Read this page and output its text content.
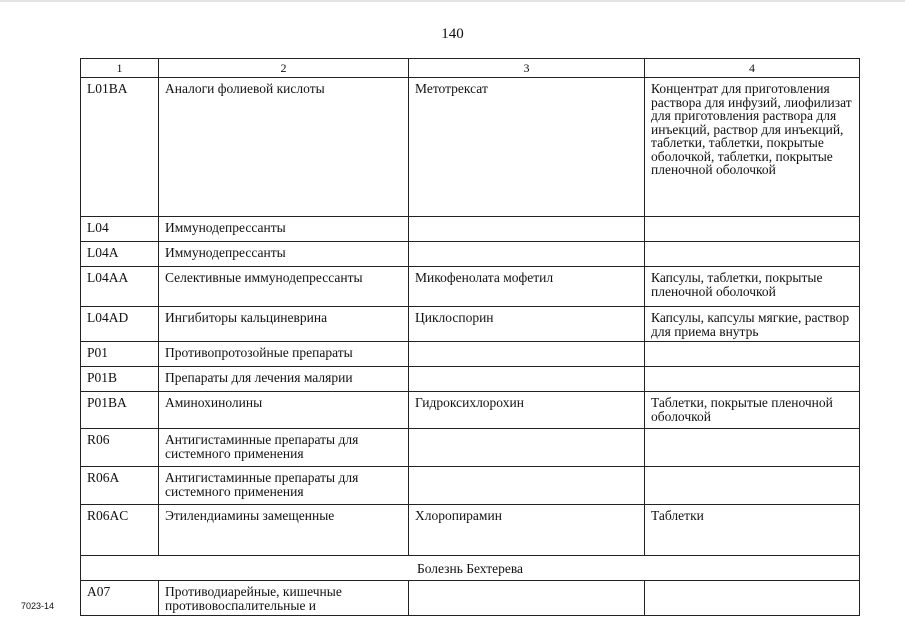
140
1	2	3	4
L01BA	Аналоги фолиевой кислоты	Метотрексат	Концентрат для приготовления раствора для инфузий, лиофилизат для приготовления раствора для инъекций, раствор для инъекций, таблетки, таблетки, покрытые оболочкой, таблетки, покрытые пленочной оболочкой
L04	Иммунодепрессанты		
L04A	Иммунодепрессанты		
L04AA	Селективные иммунодепрессанты	Микофенолата мофетил	Капсулы, таблетки, покрытые пленочной оболочкой
L04AD	Ингибиторы кальциневрина	Циклоспорин	Капсулы, капсулы мягкие, раствор для приема внутрь
P01	Противопротозойные препараты		
P01B	Препараты для лечения малярии		
P01BA	Аминохинолины	Гидроксихлорохин	Таблетки, покрытые пленочной оболочкой
R06	Антигистаминные препараты для системного применения		
R06A	Антигистаминные препараты для системного применения		
R06AC	Этилендиамины замещенные	Хлоропирамин	Таблетки
Болезнь Бехтерева			
A07	Противодиарейные, кишечные противовоспалительные и		
7023-14
